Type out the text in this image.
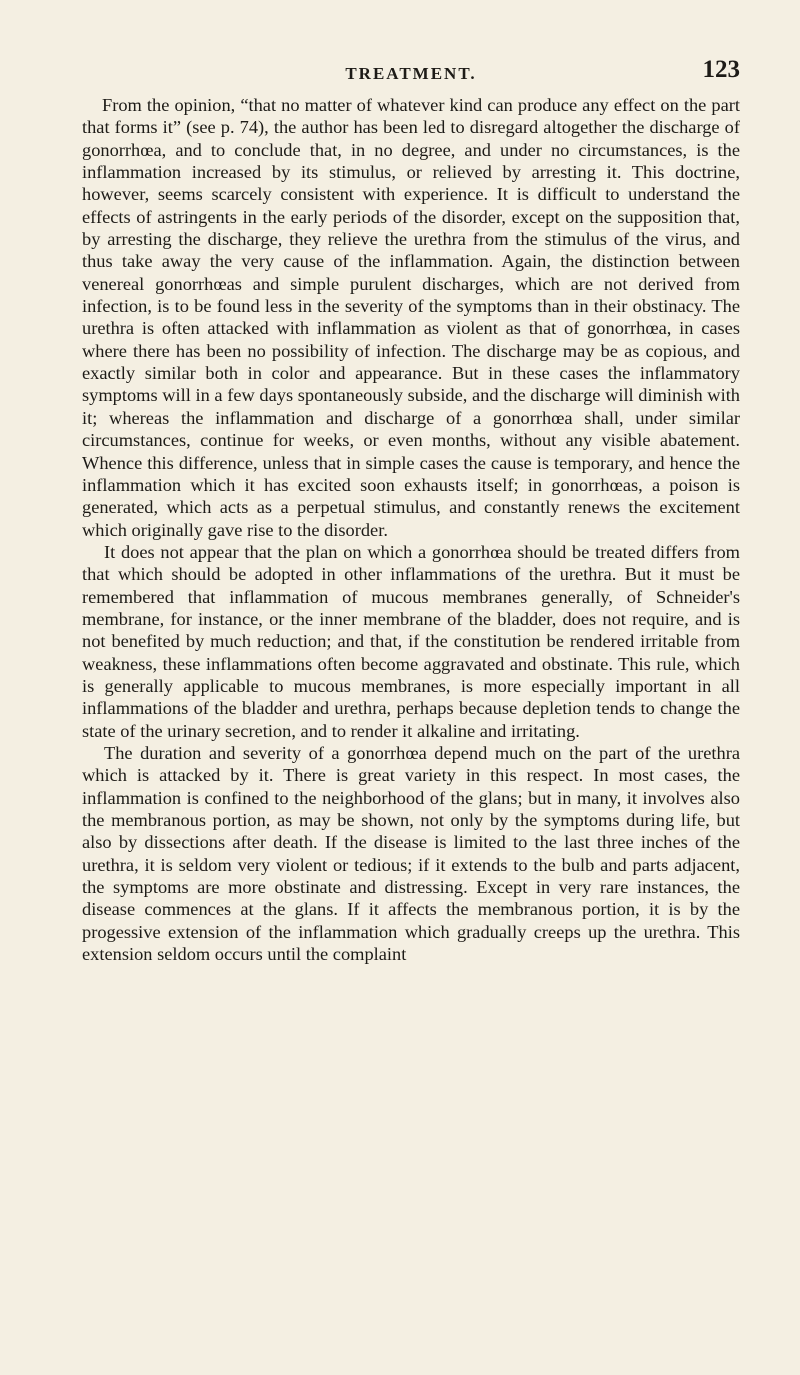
TREATMENT.	123

From the opinion, “that no matter of whatever kind can produce any effect on the part that forms it” (see p. 74), the author has been led to disregard altogether the discharge of gonorrhœa, and to conclude that, in no degree, and under no circumstances, is the inflammation increased by its stimulus, or relieved by arresting it. This doctrine, however, seems scarcely consistent with experience. It is difficult to understand the effects of astringents in the early periods of the disorder, except on the supposition that, by arresting the discharge, they relieve the urethra from the stimulus of the virus, and thus take away the very cause of the inflammation. Again, the distinction between venereal gonorrhœas and simple purulent discharges, which are not derived from infection, is to be found less in the severity of the symptoms than in their obstinacy. The urethra is often attacked with inflammation as violent as that of gonorrhœa, in cases where there has been no possibility of infection. The discharge may be as copious, and exactly similar both in color and appearance. But in these cases the inflammatory symptoms will in a few days spontaneously subside, and the discharge will diminish with it; whereas the inflammation and discharge of a gonorrhœa shall, under similar circumstances, continue for weeks, or even months, without any visible abatement. Whence this difference, unless that in simple cases the cause is temporary, and hence the inflammation which it has excited soon exhausts itself; in gonorrhœas, a poison is generated, which acts as a perpetual stimulus, and constantly renews the excitement which originally gave rise to the disorder.

It does not appear that the plan on which a gonorrhœa should be treated differs from that which should be adopted in other inflammations of the urethra. But it must be remembered that inflammation of mucous membranes generally, of Schneider's membrane, for instance, or the inner membrane of the bladder, does not require, and is not benefited by much reduction; and that, if the constitution be rendered irritable from weakness, these inflammations often become aggravated and obstinate. This rule, which is generally applicable to mucous membranes, is more especially important in all inflammations of the bladder and urethra, perhaps because depletion tends to change the state of the urinary secretion, and to render it alkaline and irritating.

The duration and severity of a gonorrhœa depend much on the part of the urethra which is attacked by it. There is great variety in this respect. In most cases, the inflammation is confined to the neighborhood of the glans; but in many, it involves also the membranous portion, as may be shown, not only by the symptoms during life, but also by dissections after death. If the disease is limited to the last three inches of the urethra, it is seldom very violent or tedious; if it extends to the bulb and parts adjacent, the symptoms are more obstinate and distressing. Except in very rare instances, the disease commences at the glans. If it affects the membranous portion, it is by the progessive extension of the inflammation which gradually creeps up the urethra. This extension seldom occurs until the complaint
